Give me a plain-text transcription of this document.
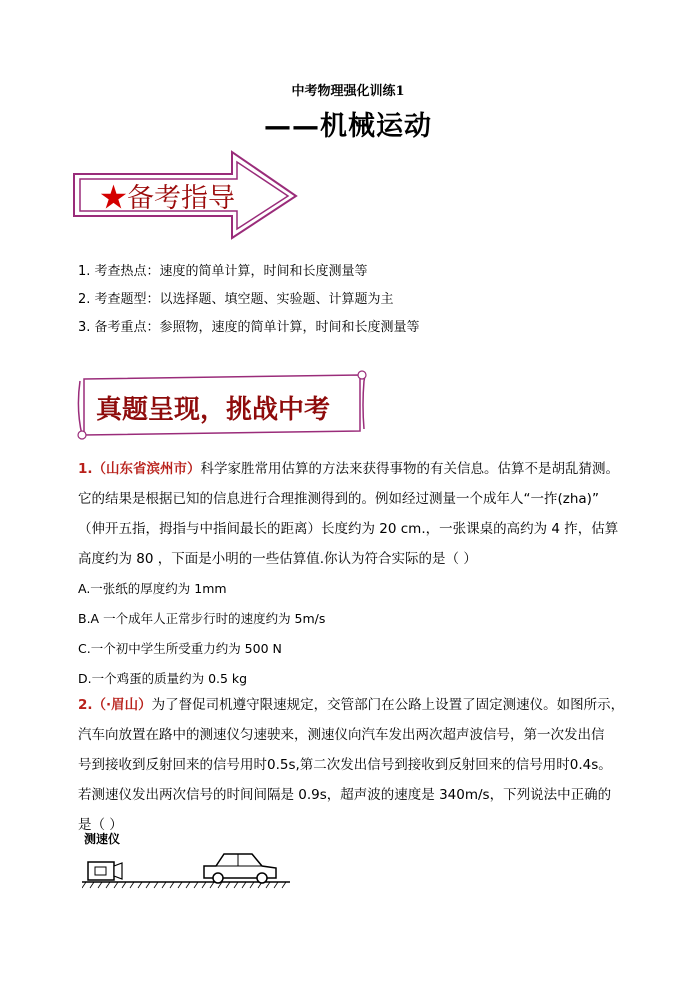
中考物理强化训练1
——机械运动
★备考指导
1. 考查热点：速度的简单计算，时间和长度测量等
2. 考查题型：以选择题、填空题、实验题、计算题为主
3. 备考重点：参照物，速度的简单计算，时间和长度测量等
真题呈现，挑战中考
1.（山东省滨州市）科学家胜常用估算的方法来获得事物的有关信息。估算不是胡乱猜测。
它的结果是根据已知的信息进行合理推测得到的。例如经过测量一个成年人“一拃(zha)”
（伸开五指，拇指与中指间最长的距离）长度约为 20 cm.，一张课桌的高约为 4 拃，估算
高度约为 80 ，下面是小明的一些估算值.你认为符合实际的是（ ）
A.一张纸的厚度约为 1mm
B.A 一个成年人正常步行时的速度约为 5m/s
C.一个初中学生所受重力约为 500 N
D.一个鸡蛋的质量约为 0.5 kg
2.（·眉山）为了督促司机遵守限速规定，交管部门在公路上设置了固定测速仪。如图所示，
汽车向放置在路中的测速仪匀速驶来，测速仪向汽车发出两次超声波信号，第一次发出信
号到接收到反射回来的信号用时0.5s,第二次发出信号到接收到反射回来的信号用时0.4s。
若测速仪发出两次信号的时间间隔是 0.9s，超声波的速度是 340m/s，下列说法中正确的
是（ ）
测速仪
